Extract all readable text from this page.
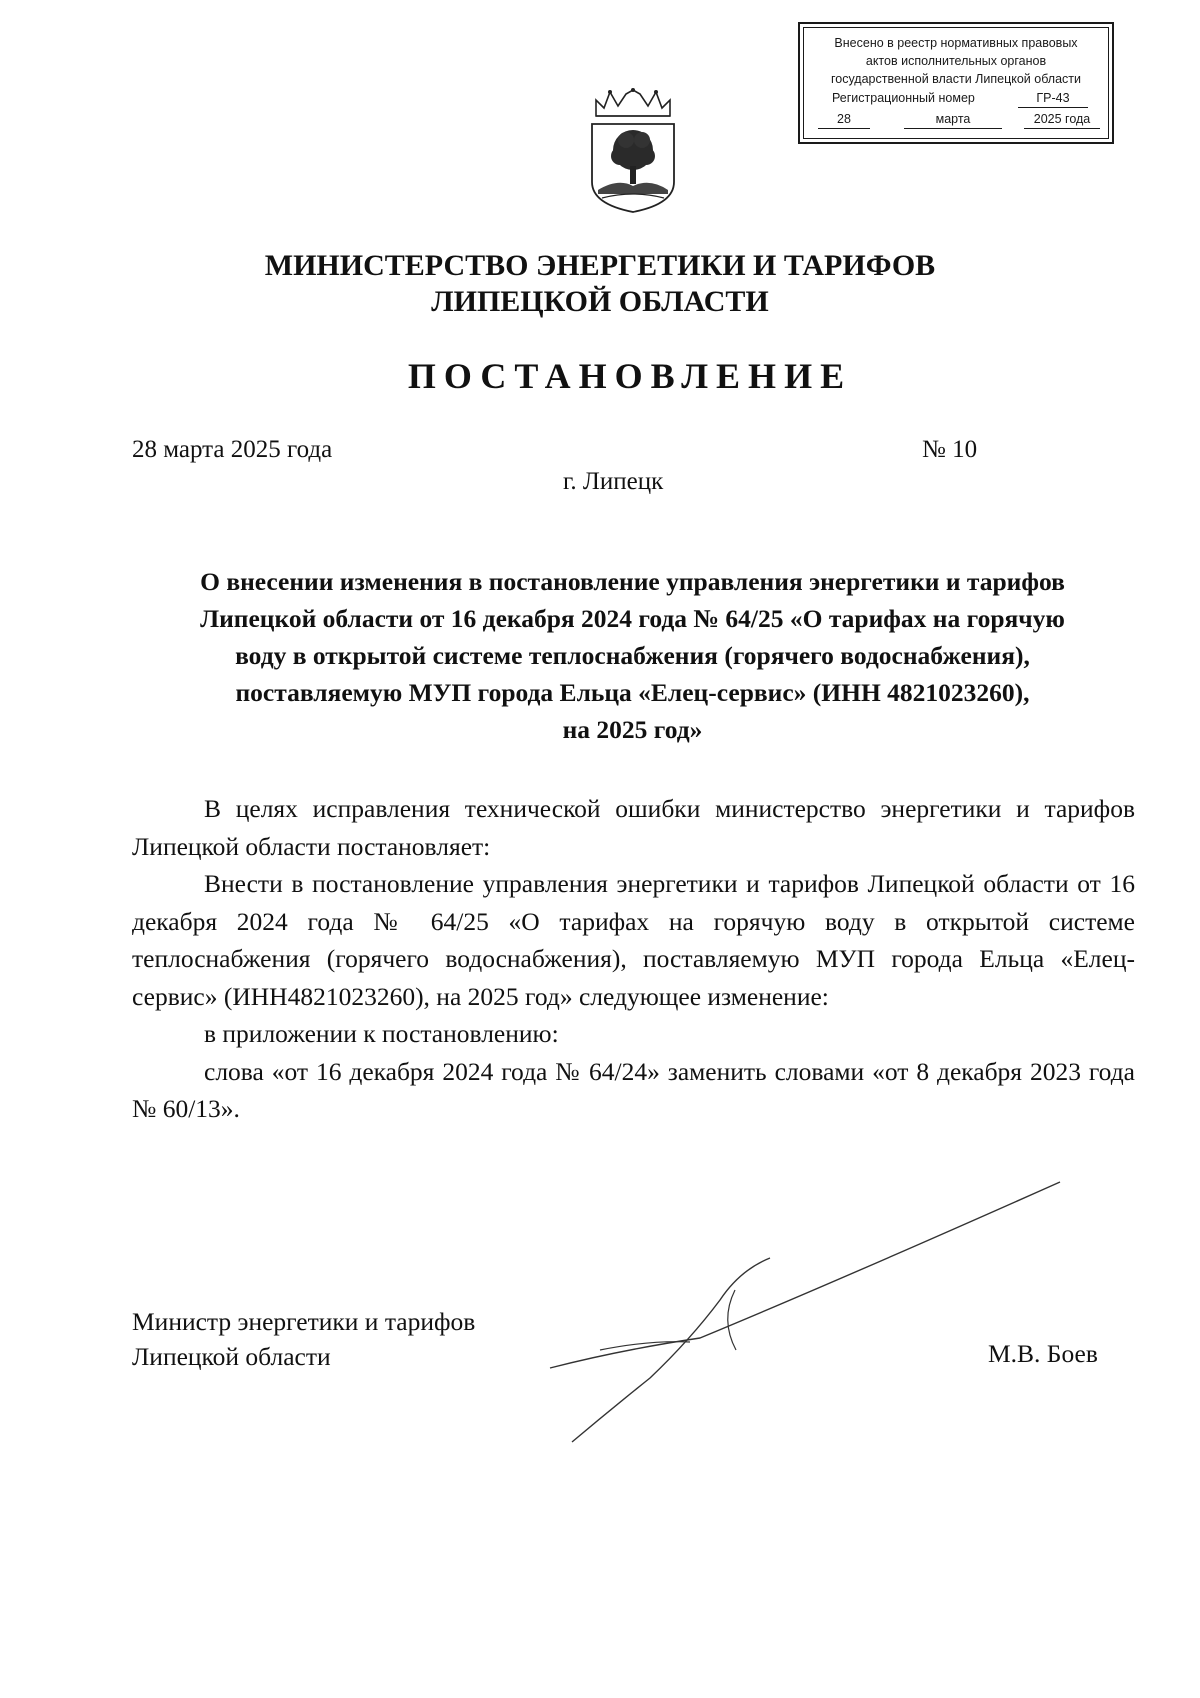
Внесено в реестр нормативных правовых
актов исполнительных органов
государственной власти Липецкой области
Регистрационный номер	ГР-43
28	марта	2025 года
МИНИСТЕРСТВО ЭНЕРГЕТИКИ И ТАРИФОВ
ЛИПЕЦКОЙ ОБЛАСТИ
ПОСТАНОВЛЕНИЕ
28 марта 2025 года	№ 10
г. Липецк
О внесении изменения в постановление управления энергетики и тарифов
Липецкой области от 16 декабря 2024 года № 64/25 «О тарифах на горячую
воду в открытой системе теплоснабжения (горячего водоснабжения),
поставляемую МУП города Ельца «Елец-сервис» (ИНН 4821023260),
на 2025 год»

В целях исправления технической ошибки министерство энергетики и тарифов Липецкой области постановляет:

Внести в постановление управления энергетики и тарифов Липецкой области от 16 декабря 2024 года № 64/25 «О тарифах на горячую воду в открытой системе теплоснабжения (горячего водоснабжения), поставляемую МУП города Ельца «Елец-сервис» (ИНН4821023260), на 2025 год» следующее изменение:

в приложении к постановлению:

слова «от 16 декабря 2024 года № 64/24» заменить словами «от 8 декабря 2023 года № 60/13».

Министр энергетики и тарифов
Липецкой области	М.В. Боев
